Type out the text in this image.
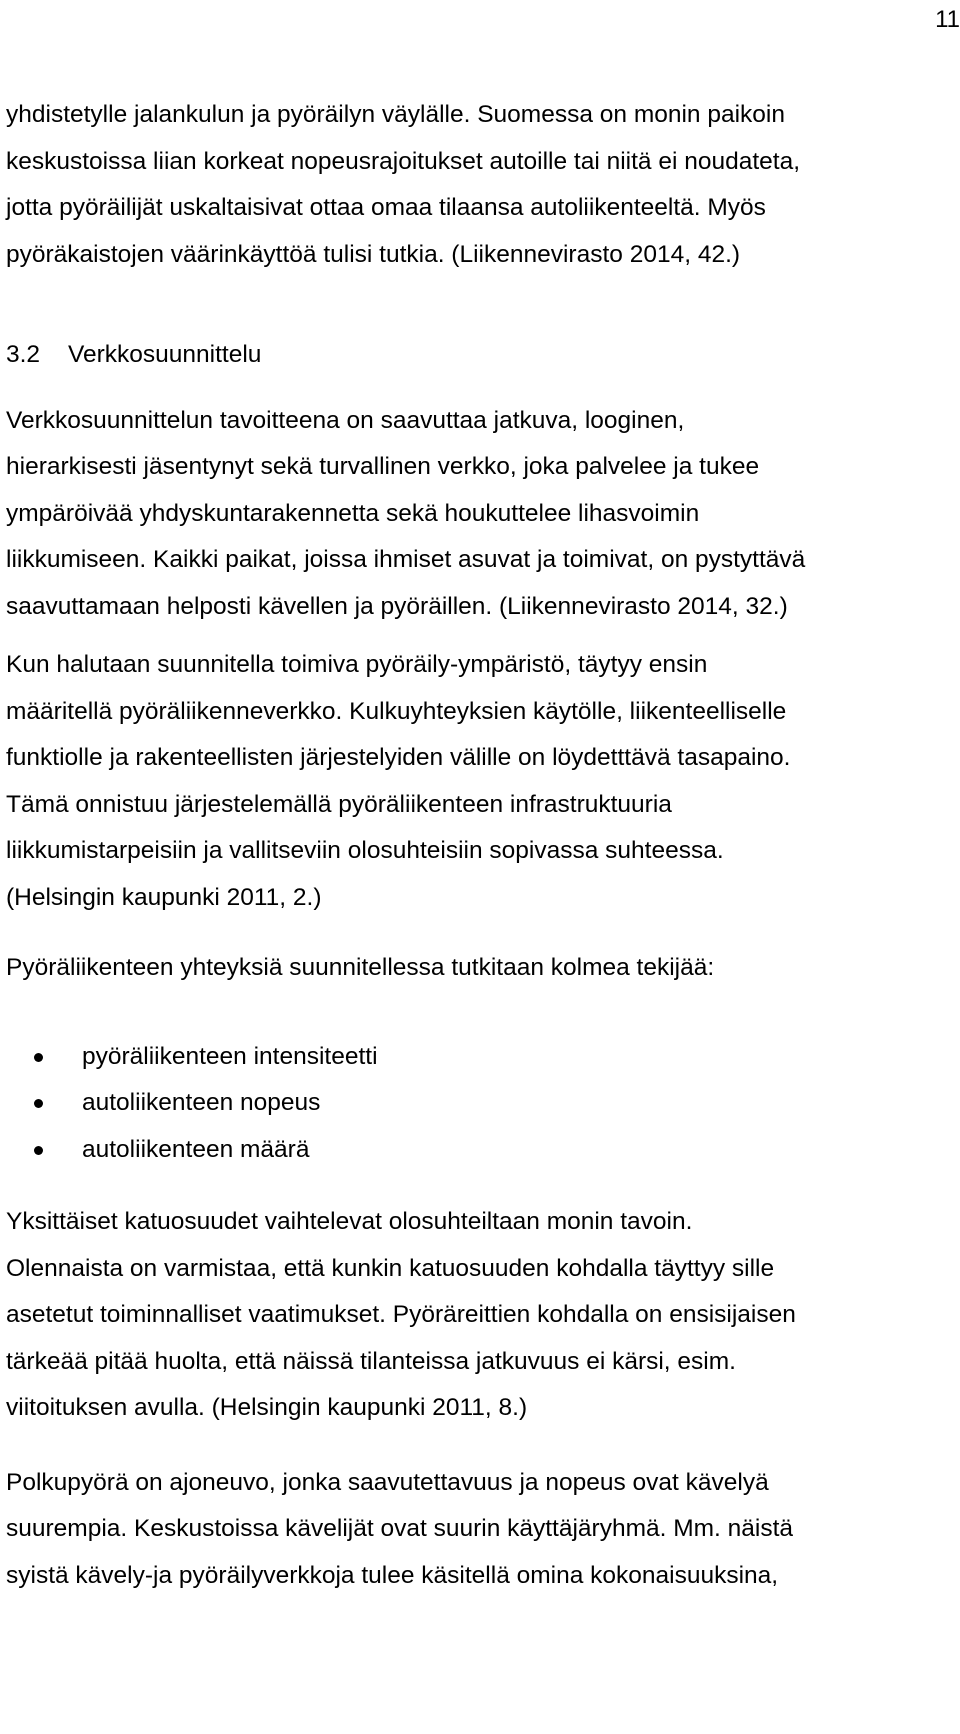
11

yhdistetylle jalankulun ja pyöräilyn väylälle. Suomessa on monin paikoin
keskustoissa liian korkeat nopeusrajoitukset autoille tai niitä ei noudateta,
jotta pyöräilijät uskaltaisivat ottaa omaa tilaansa autoliikenteeltä. Myös
pyöräkaistojen väärinkäyttöä tulisi tutkia. (Liikennevirasto 2014, 42.)

3.2 Verkkosuunnittelu

Verkkosuunnittelun tavoitteena on saavuttaa jatkuva, looginen,
hierarkisesti jäsentynyt sekä turvallinen verkko, joka palvelee ja tukee
ympäröivää yhdyskuntarakennetta sekä houkuttelee lihasvoimin
liikkumiseen. Kaikki paikat, joissa ihmiset asuvat ja toimivat, on pystyttävä
saavuttamaan helposti kävellen ja pyöräillen. (Liikennevirasto 2014, 32.)

Kun halutaan suunnitella toimiva pyöräily-ympäristö, täytyy ensin
määritellä pyöräliikenneverkko. Kulkuyhteyksien käytölle, liikenteelliselle
funktiolle ja rakenteellisten järjestelyiden välille on löydetttävä tasapaino.
Tämä onnistuu järjestelemällä pyöräliikenteen infrastruktuuria
liikkumistarpeisiin ja vallitseviin olosuhteisiin sopivassa suhteessa.
(Helsingin kaupunki 2011, 2.)

Pyöräliikenteen yhteyksiä suunnitellessa tutkitaan kolmea tekijää:

pyöräliikenteen intensiteetti
autoliikenteen nopeus
autoliikenteen määrä

Yksittäiset katuosuudet vaihtelevat olosuhteiltaan monin tavoin.
Olennaista on varmistaa, että kunkin katuosuuden kohdalla täyttyy sille
asetetut toiminnalliset vaatimukset. Pyöräreittien kohdalla on ensisijaisen
tärkeää pitää huolta, että näissä tilanteissa jatkuvuus ei kärsi, esim.
viitoituksen avulla. (Helsingin kaupunki 2011, 8.)

Polkupyörä on ajoneuvo, jonka saavutettavuus ja nopeus ovat kävelyä
suurempia. Keskustoissa kävelijät ovat suurin käyttäjäryhmä. Mm. näistä
syistä kävely-ja pyöräilyverkkoja tulee käsitellä omina kokonaisuuksina,
